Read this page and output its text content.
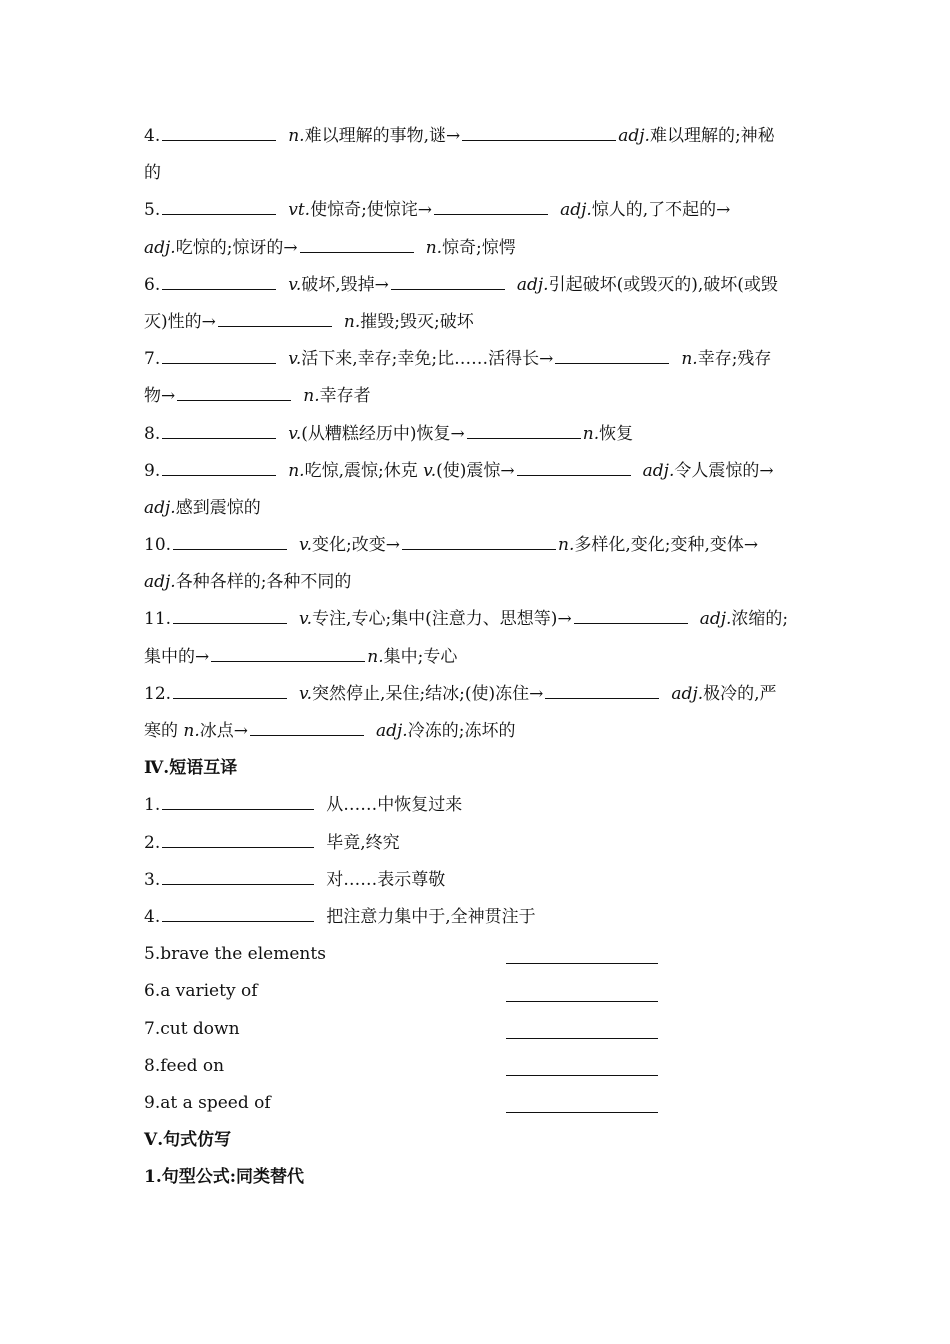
4.	n.难以理解的事物,谜→	adj.难以理解的;神秘
的
5.	vt.使惊奇;使惊诧→	adj.惊人的,了不起的→
adj.吃惊的;惊讶的→	n.惊奇;惊愕
6.	v.破坏,毁掉→	adj.引起破坏(或毁灭的),破坏(或毁
灭)性的→	n.摧毁;毁灭;破坏
7.	v.活下来,幸存;幸免;比……活得长→	n.幸存;残存
物→	n.幸存者
8.	v.(从糟糕经历中)恢复→	n.恢复
9.	n.吃惊,震惊;休克 v.(使)震惊→	adj.令人震惊的→
adj.感到震惊的
10.	v.变化;改变→	n.多样化,变化;变种,变体→
adj.各种各样的;各种不同的
11.	v.专注,专心;集中(注意力、思想等)→	adj.浓缩的;
集中的→	n.集中;专心
12.	v.突然停止,呆住;结冰;(使)冻住→	adj.极冷的,严
寒的 n.冰点→	adj.冷冻的;冻坏的
Ⅳ.短语互译
1.	从……中恢复过来
2.	毕竟,终究
3.	对……表示尊敬
4.	把注意力集中于,全神贯注于
5.brave the elements
6.a variety of
7.cut down
8.feed on
9.at a speed of
Ⅴ.句式仿写
1.句型公式:同类替代
